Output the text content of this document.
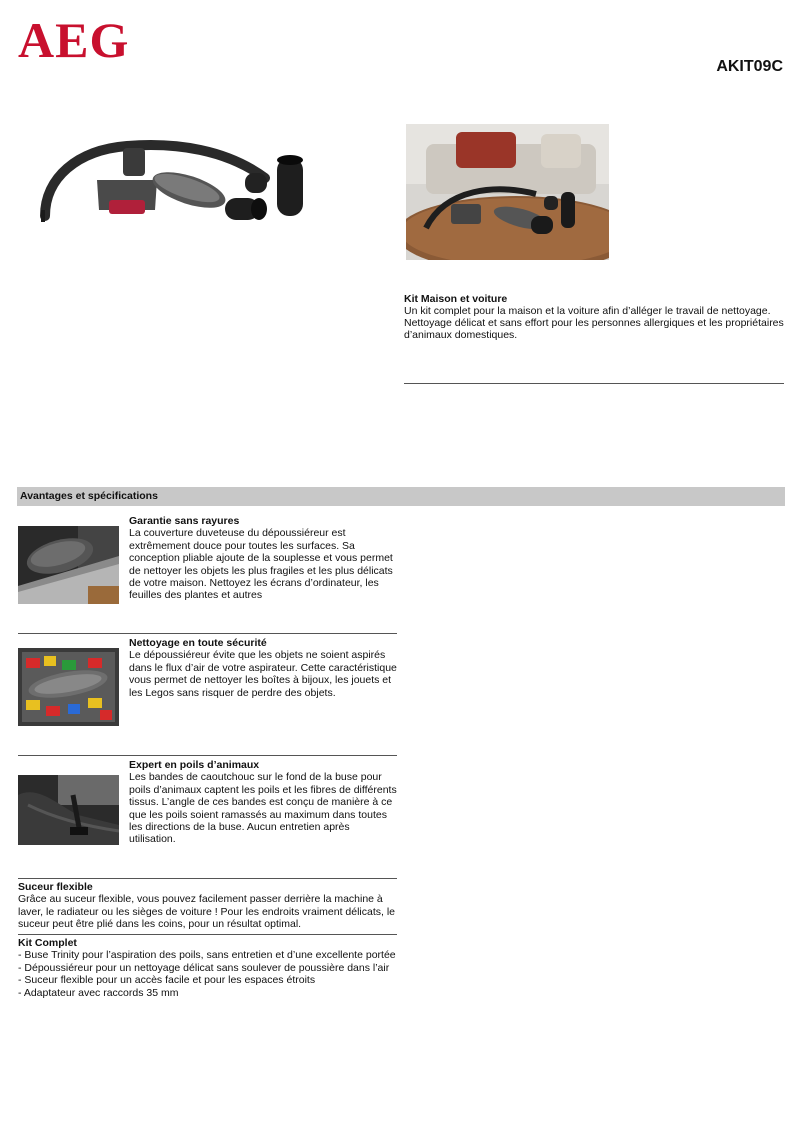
AEG	AKIT09C
Kit Maison et voiture
Un kit complet pour la maison et la voiture afin d’alléger le travail de nettoyage. Nettoyage délicat et sans effort pour les personnes allergiques et les propriétaires d’animaux domestiques.
Avantages et spécifications
Garantie sans rayures
La couverture duveteuse du dépoussiéreur est extrêmement douce pour toutes les surfaces. Sa conception pliable ajoute de la souplesse et vous permet de nettoyer les objets les plus fragiles et les plus délicats de votre maison. Nettoyez les écrans d’ordinateur, les feuilles des plantes et autres
Nettoyage en toute sécurité
Le dépoussiéreur évite que les objets ne soient aspirés dans le flux d’air de votre aspirateur. Cette caractéristique vous permet de nettoyer les boîtes à bijoux, les jouets et les Legos sans risquer de perdre des objets.
Expert en poils d’animaux
Les bandes de caoutchouc sur le fond de la buse pour poils d’animaux captent les poils et les fibres de différents tissus. L’angle de ces bandes est conçu de manière à ce que les poils soient ramassés au maximum dans toutes les directions de la buse. Aucun entretien après utilisation.
Suceur flexible
Grâce au suceur flexible, vous pouvez facilement passer derrière la machine à laver, le radiateur ou les sièges de voiture ! Pour les endroits vraiment délicats, le suceur peut être plié dans les coins, pour un résultat optimal.
Kit Complet
- Buse Trinity pour l’aspiration des poils, sans entretien et d’une excellente portée
- Dépoussiéreur pour un nettoyage délicat sans soulever de poussière dans l’air
- Suceur flexible pour un accès facile et pour les espaces étroits
- Adaptateur avec raccords 35 mm
